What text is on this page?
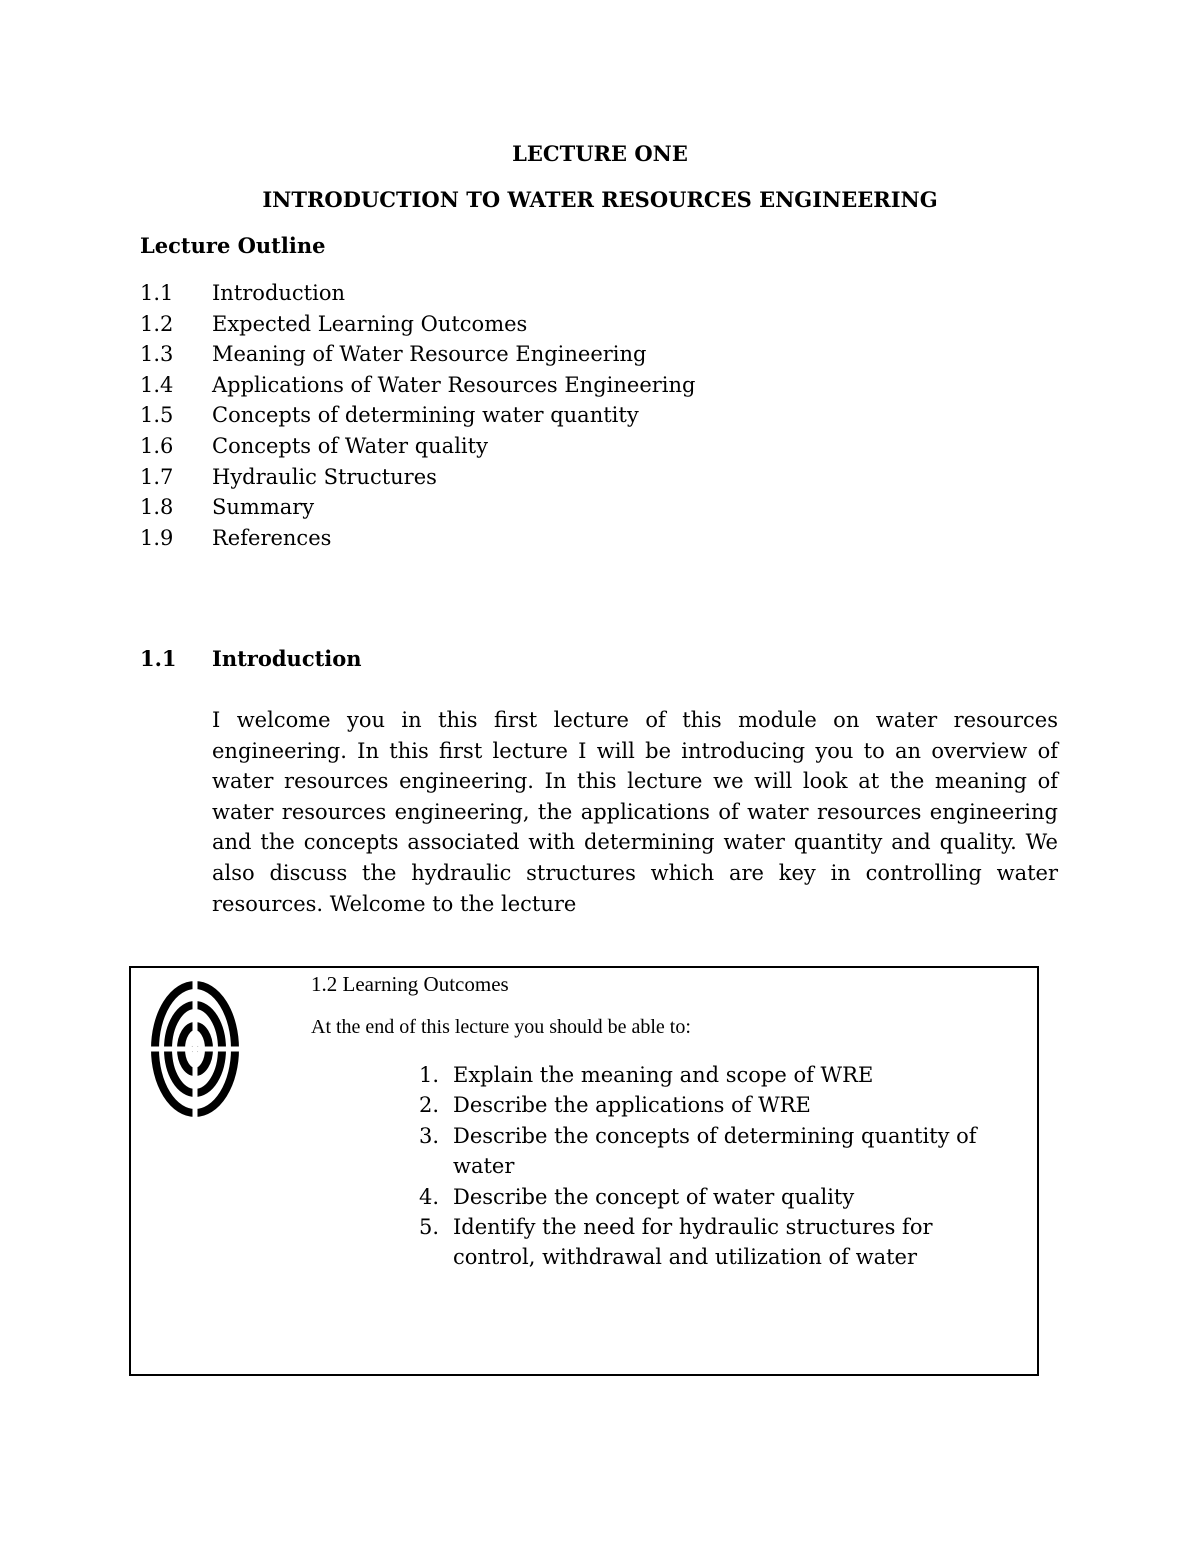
LECTURE ONE
INTRODUCTION TO WATER RESOURCES ENGINEERING
Lecture Outline
1.1 Introduction
1.2 Expected Learning Outcomes
1.3 Meaning of Water Resource Engineering
1.4 Applications of Water Resources Engineering
1.5 Concepts of determining water quantity
1.6 Concepts of Water quality
1.7 Hydraulic Structures
1.8 Summary
1.9 References
1.1 Introduction

I welcome you in this first lecture of this module on water resources engineering. In this first lecture I will be introducing you to an overview of water resources engineering. In this lecture we will look at the meaning of water resources engineering, the applications of water resources engineering and the concepts associated with determining water quantity and quality. We also discuss the hydraulic structures which are key in controlling water resources. Welcome to the lecture

1.2 Learning Outcomes

At the end of this lecture you should be able to:

1. Explain the meaning and scope of WRE
2. Describe the applications of WRE
3. Describe the concepts of determining quantity of water
4. Describe the concept of water quality
5. Identify the need for hydraulic structures for control, withdrawal and utilization of water
